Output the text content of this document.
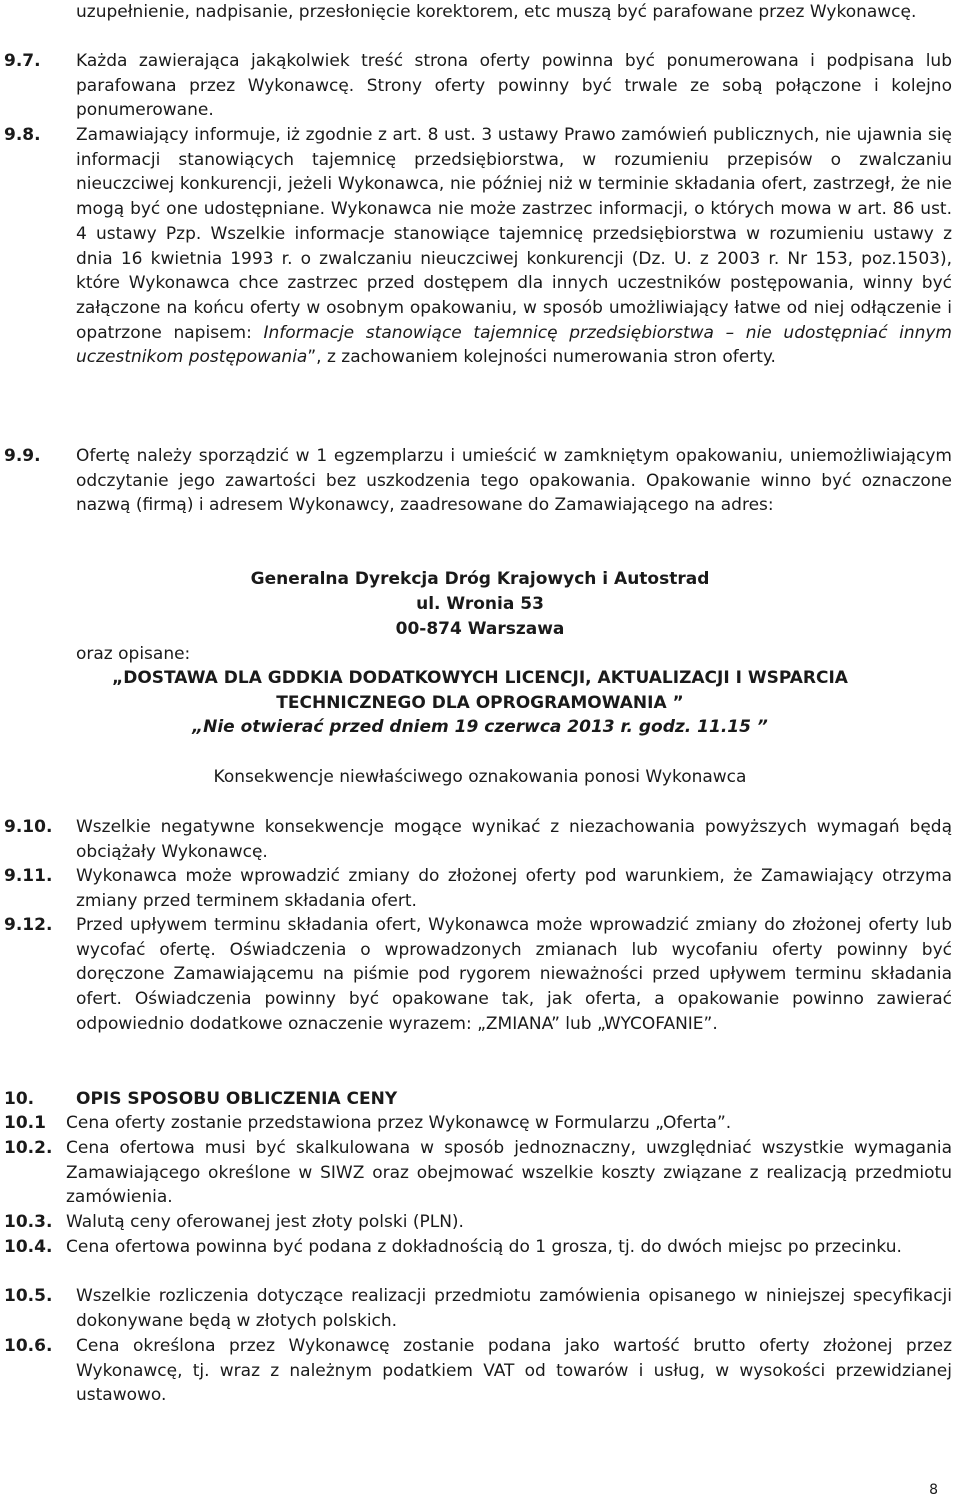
uzupełnienie, nadpisanie, przesłonięcie korektorem, etc muszą być parafowane przez Wykonawcę.
9.7. Każda zawierająca jakąkolwiek treść strona oferty powinna być ponumerowana i podpisana lub parafowana przez Wykonawcę. Strony oferty powinny być trwale ze sobą połączone i kolejno ponumerowane.
9.8. Zamawiający informuje, iż zgodnie z art. 8 ust. 3 ustawy Prawo zamówień publicznych, nie ujawnia się informacji stanowiących tajemnicę przedsiębiorstwa, w rozumieniu przepisów o zwalczaniu nieuczciwej konkurencji, jeżeli Wykonawca, nie później niż w terminie składania ofert, zastrzegł, że nie mogą być one udostępniane. Wykonawca nie może zastrzec informacji, o których mowa w art. 86 ust. 4 ustawy Pzp. Wszelkie informacje stanowiące tajemnicę przedsiębiorstwa w rozumieniu ustawy z dnia 16 kwietnia 1993 r. o zwalczaniu nieuczciwej konkurencji (Dz. U. z 2003 r. Nr 153, poz.1503), które Wykonawca chce zastrzec przed dostępem dla innych uczestników postępowania, winny być załączone na końcu oferty w osobnym opakowaniu, w sposób umożliwiający łatwe od niej odłączenie i opatrzone napisem: Informacje stanowiące tajemnicę przedsiębiorstwa – nie udostępniać innym uczestnikom postępowania”, z zachowaniem kolejności numerowania stron oferty.
9.9. Ofertę należy sporządzić w 1 egzemplarzu i umieścić w zamkniętym opakowaniu, uniemożliwiającym odczytanie jego zawartości bez uszkodzenia tego opakowania. Opakowanie winno być oznaczone nazwą (firmą) i adresem Wykonawcy, zaadresowane do Zamawiającego na adres:
Generalna Dyrekcja Dróg Krajowych i Autostrad
ul. Wronia 53
00-874 Warszawa
oraz opisane:
„DOSTAWA DLA GDDKIA DODATKOWYCH LICENCJI, AKTUALIZACJI I WSPARCIA
TECHNICZNEGO DLA OPROGRAMOWANIA ”
„Nie otwierać przed dniem 19 czerwca 2013 r. godz. 11.15 ”
Konsekwencje niewłaściwego oznakowania ponosi Wykonawca
9.10. Wszelkie negatywne konsekwencje mogące wynikać z niezachowania powyższych wymagań będą obciążały Wykonawcę.
9.11. Wykonawca może wprowadzić zmiany do złożonej oferty pod warunkiem, że Zamawiający otrzyma zmiany przed terminem składania ofert.
9.12. Przed upływem terminu składania ofert, Wykonawca może wprowadzić zmiany do złożonej oferty lub wycofać ofertę. Oświadczenia o wprowadzonych zmianach lub wycofaniu oferty powinny być doręczone Zamawiającemu na piśmie pod rygorem nieważności przed upływem terminu składania ofert. Oświadczenia powinny być opakowane tak, jak oferta, a opakowanie powinno zawierać odpowiednio dodatkowe oznaczenie wyrazem: „ZMIANA” lub „WYCOFANIE”.
10. OPIS SPOSOBU OBLICZENIA CENY
10.1 Cena oferty zostanie przedstawiona przez Wykonawcę w Formularzu „Oferta”.
10.2. Cena ofertowa musi być skalkulowana w sposób jednoznaczny, uwzględniać wszystkie wymagania Zamawiającego określone w SIWZ oraz obejmować wszelkie koszty związane z realizacją przedmiotu zamówienia.
10.3. Walutą ceny oferowanej jest złoty polski (PLN).
10.4. Cena ofertowa powinna być podana z dokładnością do 1 grosza, tj. do dwóch miejsc po przecinku.
10.5. Wszelkie rozliczenia dotyczące realizacji przedmiotu zamówienia opisanego w niniejszej specyfikacji dokonywane będą w złotych polskich.
10.6. Cena określona przez Wykonawcę zostanie podana jako wartość brutto oferty złożonej przez Wykonawcę, tj. wraz z należnym podatkiem VAT od towarów i usług, w wysokości przewidzianej ustawowo.
8
